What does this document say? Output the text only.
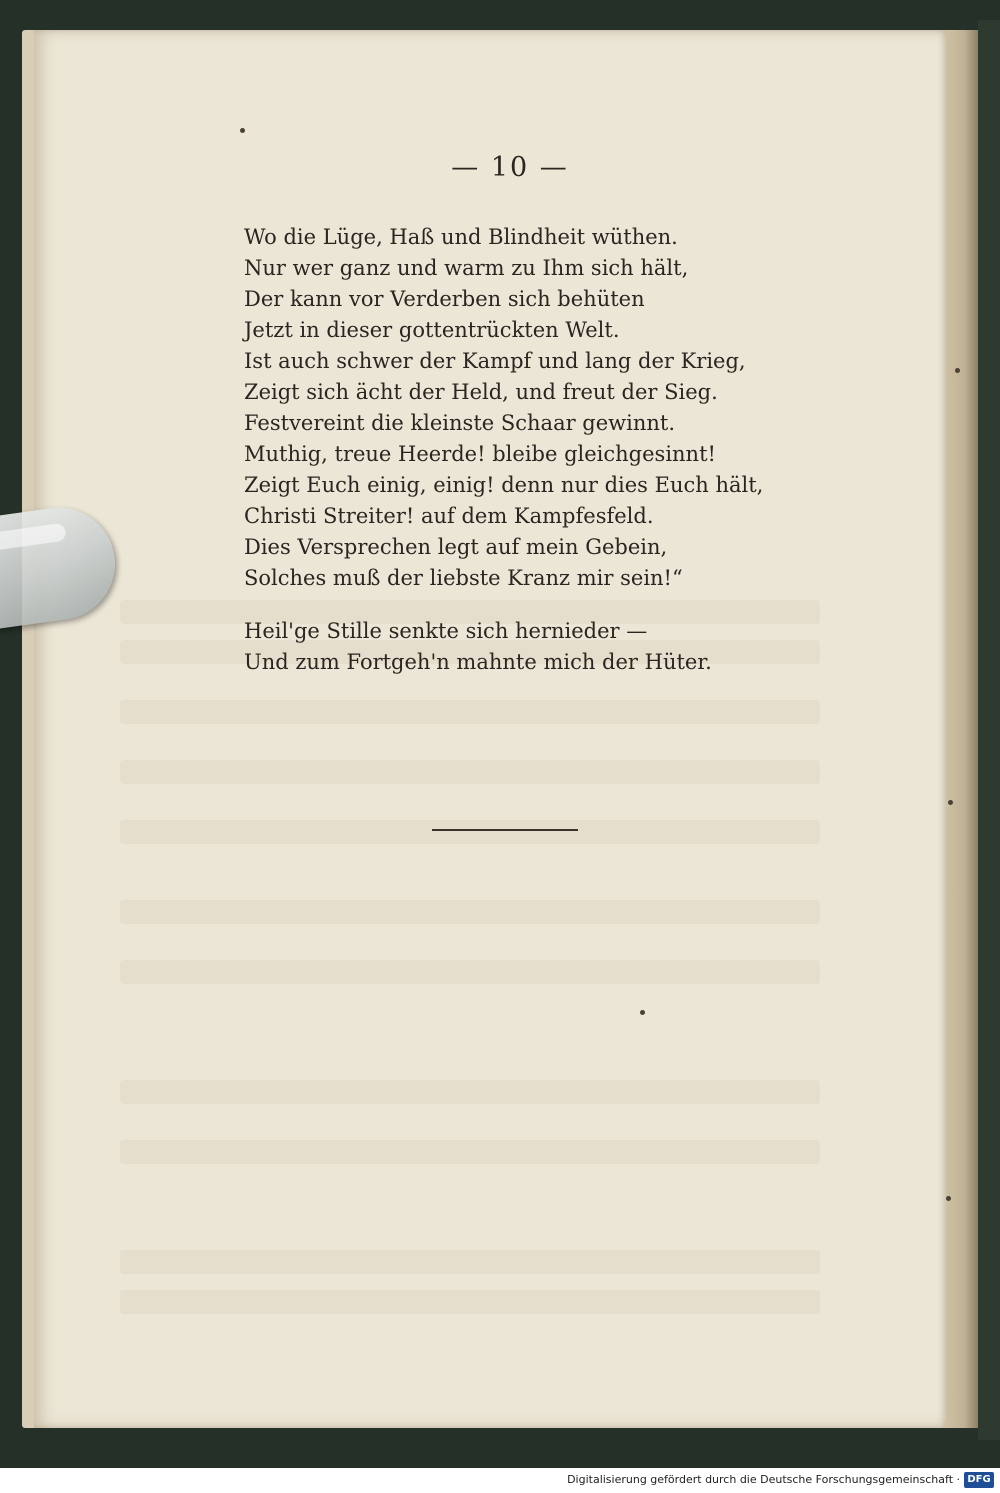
— 10 —
Wo die Lüge, Haß und Blindheit wüthen.
Nur wer ganz und warm zu Ihm sich hält,
Der kann vor Verderben sich behüten
Jetzt in dieser gottentrückten Welt.
Ist auch schwer der Kampf und lang der Krieg,
Zeigt sich ächt der Held, und freut der Sieg.
Festvereint die kleinste Schaar gewinnt.
Muthig, treue Heerde! bleibe gleichgesinnt!
Zeigt Euch einig, einig! denn nur dies Euch hält,
Christi Streiter! auf dem Kampfesfeld.
Dies Versprechen legt auf mein Gebein,
Solches muß der liebste Kranz mir sein!“
Heil'ge Stille senkte sich hernieder —
Und zum Fortgeh'n mahnte mich der Hüter.
Digitalisierung gefördert durch die Deutsche Forschungsgemeinschaft · DFG
